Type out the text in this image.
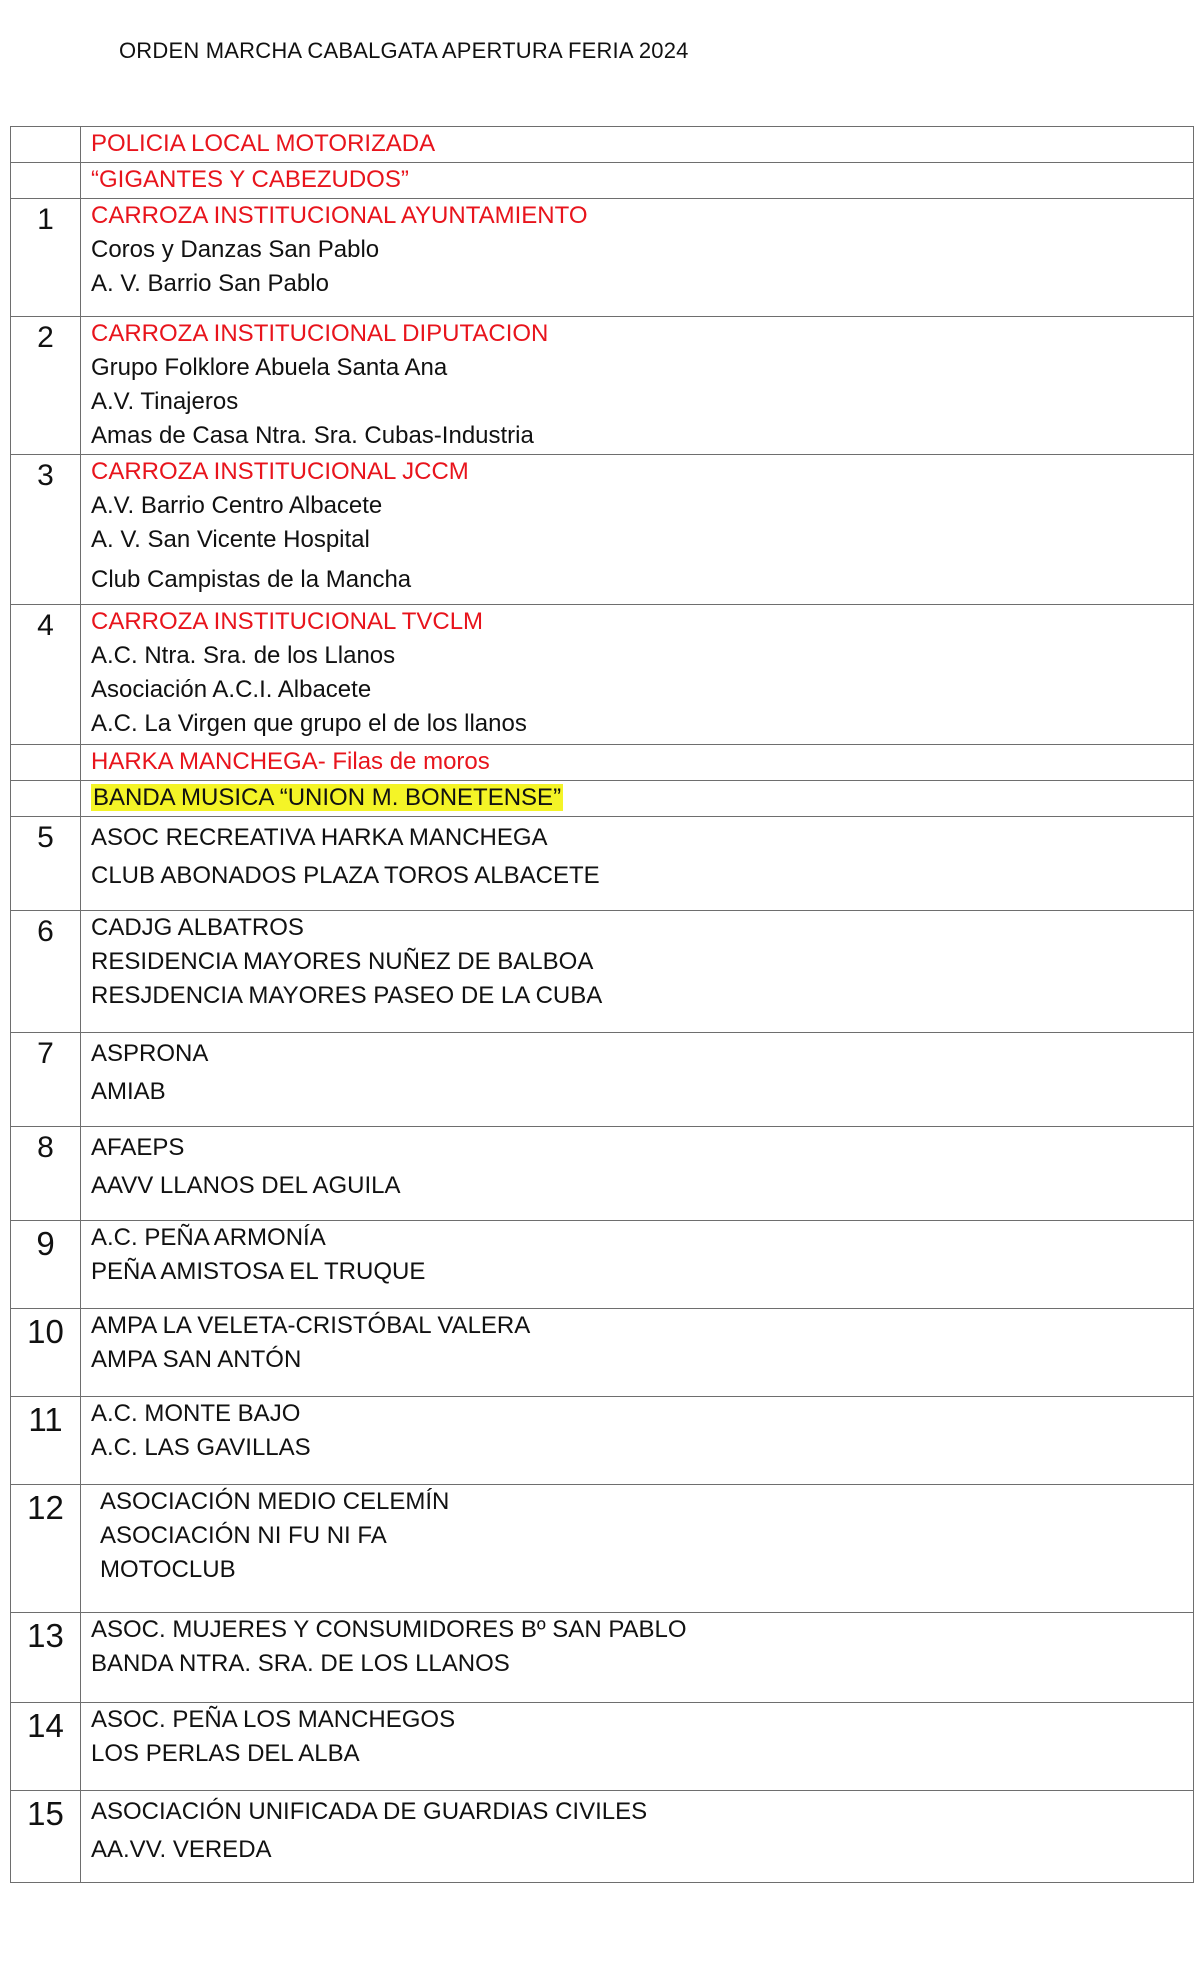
ORDEN MARCHA CABALGATA APERTURA FERIA 2024

	POLICIA LOCAL MOTORIZADA

	“GIGANTES Y CABEZUDOS”

1	CARROZA INSTITUCIONAL AYUNTAMIENTO
Coros y Danzas San Pablo
A. V. Barrio San Pablo

2	CARROZA INSTITUCIONAL DIPUTACION
Grupo Folklore Abuela Santa Ana
A.V. Tinajeros
Amas de Casa Ntra. Sra. Cubas-Industria

3	CARROZA INSTITUCIONAL JCCM
A.V. Barrio Centro Albacete
A. V. San Vicente Hospital
Club Campistas de la Mancha

4	CARROZA INSTITUCIONAL TVCLM
A.C. Ntra. Sra. de los Llanos
Asociación A.C.I. Albacete
A.C. La Virgen que grupo el de los llanos

	HARKA MANCHEGA- Filas de moros

	BANDA MUSICA “UNION M. BONETENSE”

5	ASOC RECREATIVA HARKA MANCHEGA
CLUB ABONADOS PLAZA TOROS ALBACETE

6	CADJG ALBATROS
RESIDENCIA MAYORES NUÑEZ DE BALBOA
RESJDENCIA MAYORES PASEO DE LA CUBA

7	ASPRONA
AMIAB

8	AFAEPS
AAVV LLANOS DEL AGUILA

9	A.C. PEÑA ARMONÍA
PEÑA AMISTOSA EL TRUQUE

10	AMPA LA VELETA-CRISTÓBAL VALERA
AMPA SAN ANTÓN

11	A.C. MONTE BAJO
A.C. LAS GAVILLAS

12	ASOCIACIÓN MEDIO CELEMÍN
ASOCIACIÓN NI FU NI FA
MOTOCLUB

13	ASOC. MUJERES Y CONSUMIDORES Bº SAN PABLO
BANDA NTRA. SRA. DE LOS LLANOS

14	ASOC. PEÑA LOS MANCHEGOS
LOS PERLAS DEL ALBA

15	ASOCIACIÓN UNIFICADA DE GUARDIAS CIVILES
AA.VV. VEREDA
